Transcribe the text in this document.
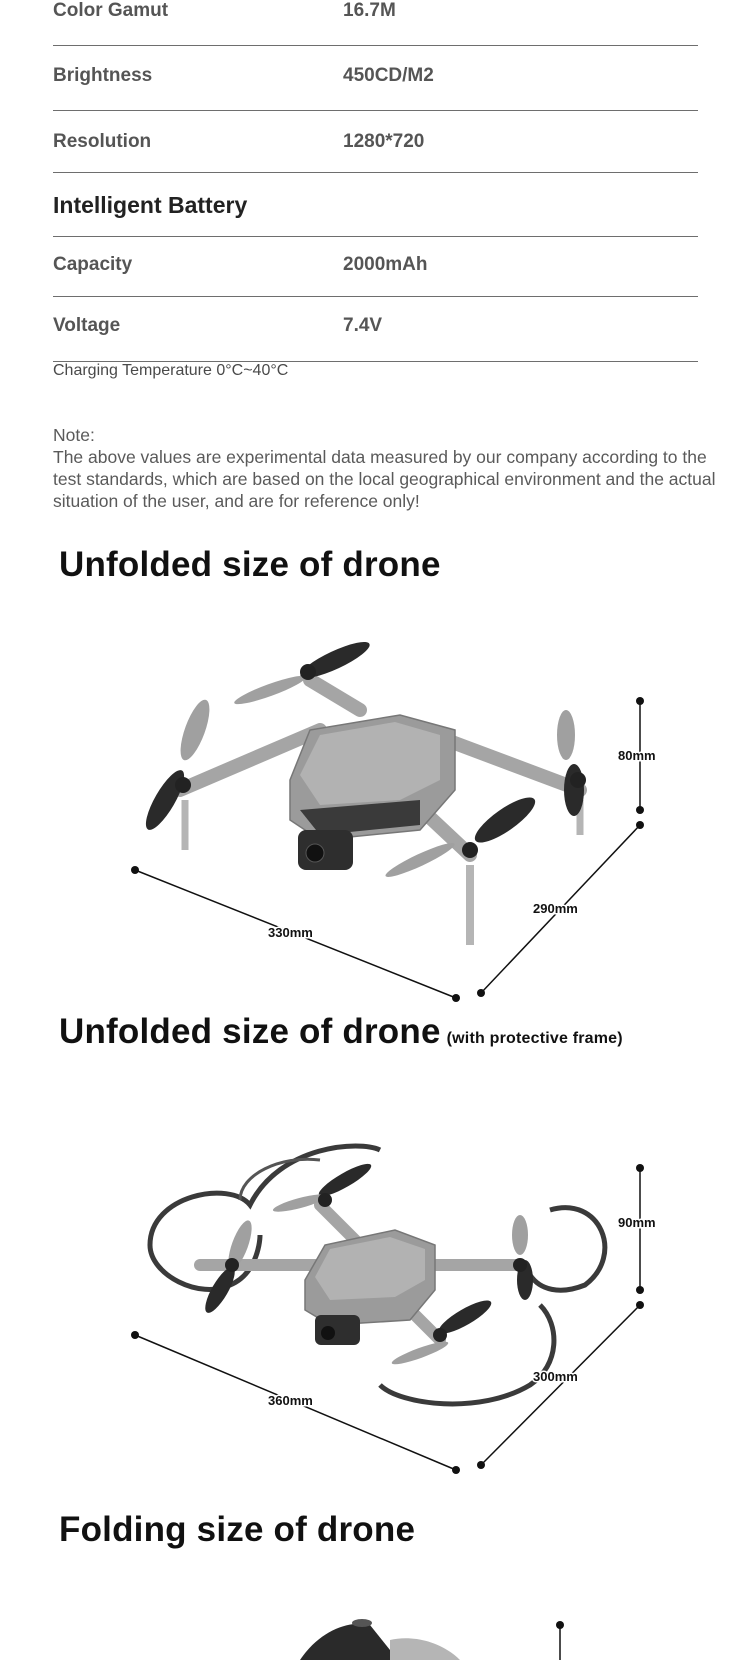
Color Gamut	16.7M
Brightness	450CD/M2
Resolution	1280*720
Intelligent Battery
Capacity	2000mAh
Voltage	7.4V
Charging Temperature 0°C~40°C
Note:
The above values are experimental data measured by our company according to the test standards, which are based on the local geographical environment and the actual situation of the user, and are for reference only!
Unfolded size of drone
80mm
290mm
330mm
Unfolded size of drone (with protective frame)
90mm
300mm
360mm
Folding size of drone
